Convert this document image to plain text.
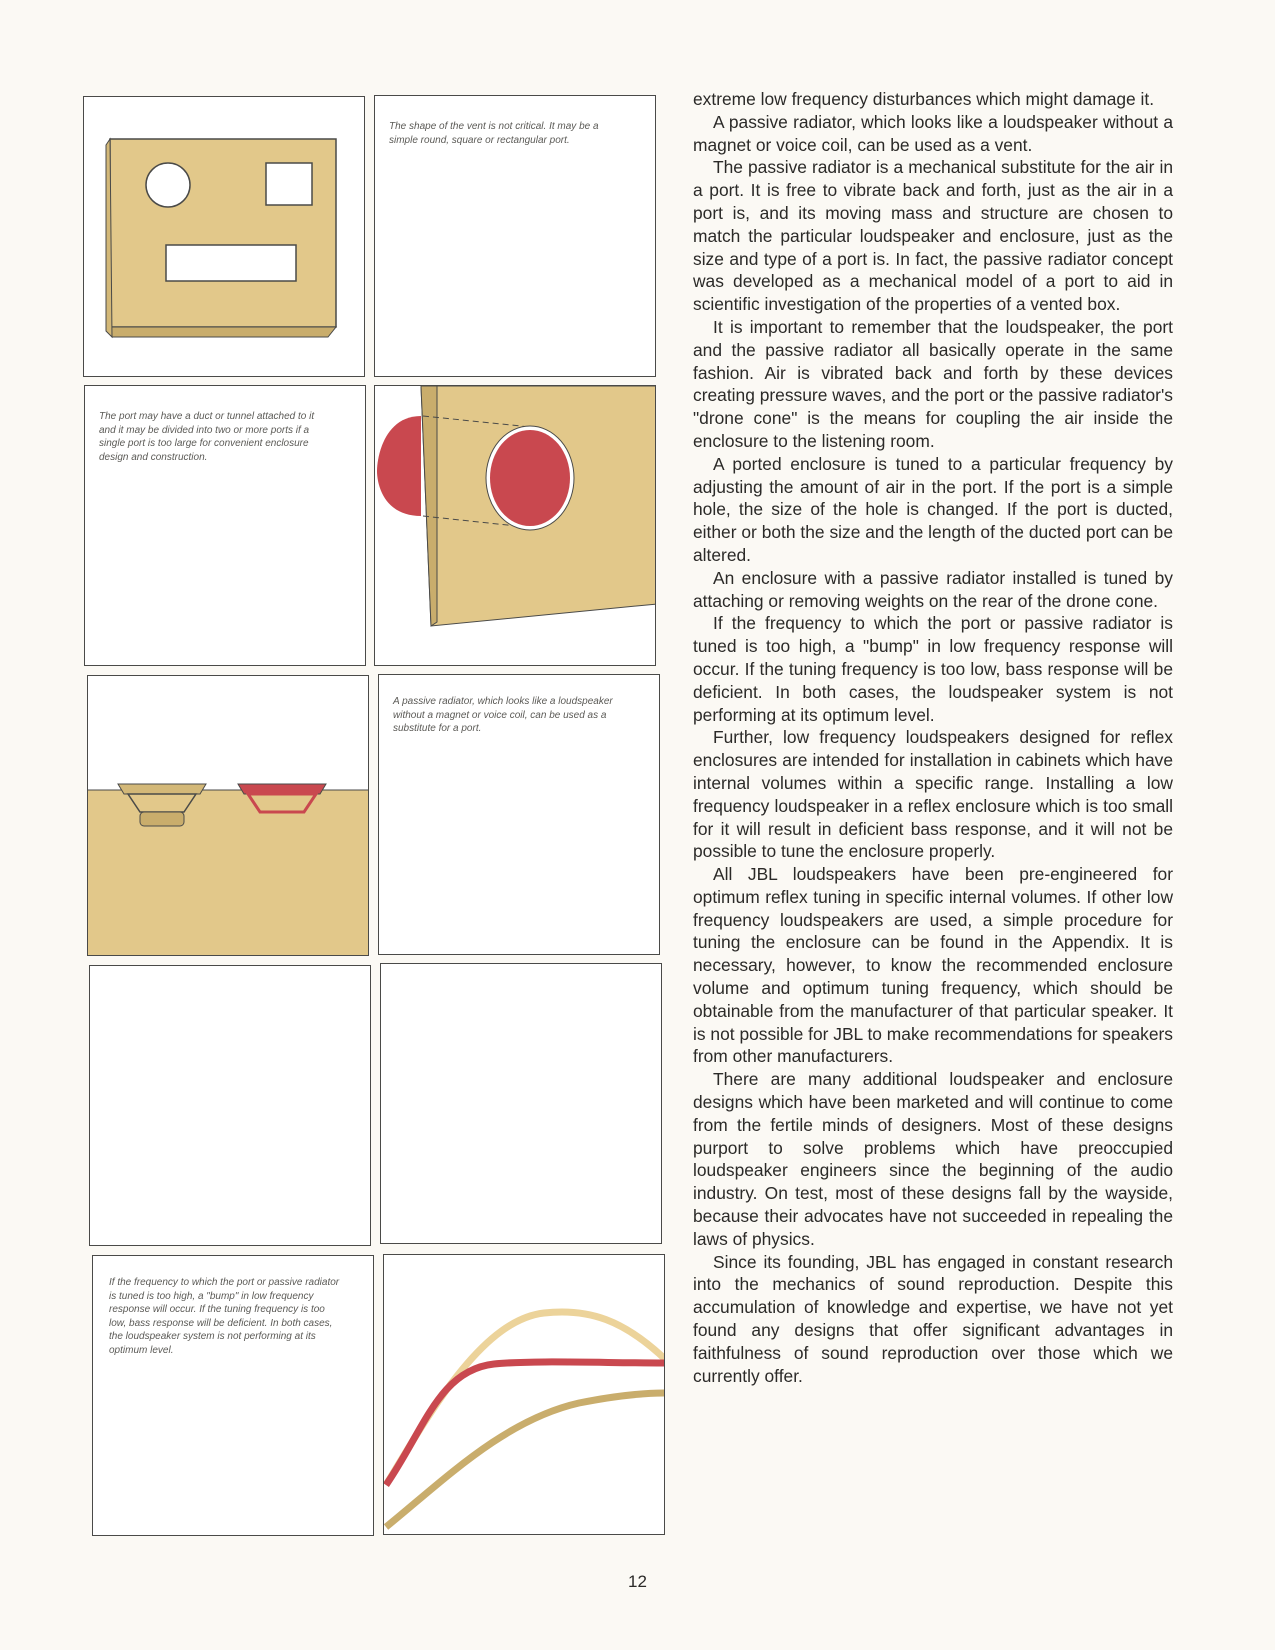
The shape of the vent is not critical. It may be a simple round, square or rectangular port.

The port may have a duct or tunnel attached to it and it may be divided into two or more ports if a single port is too large for convenient enclosure design and construction.

A passive radiator, which looks like a loudspeaker without a magnet or voice coil, can be used as a substitute for a port.

If the frequency to which the port or passive radiator is tuned is too high, a "bump" in low frequency response will occur. If the tuning frequency is too low, bass response will be deficient. In both cases, the loudspeaker system is not performing at its optimum level.

extreme low frequency disturbances which might damage it.

A passive radiator, which looks like a loudspeaker without a magnet or voice coil, can be used as a vent.

The passive radiator is a mechanical substitute for the air in a port. It is free to vibrate back and forth, just as the air in a port is, and its moving mass and structure are chosen to match the particular loudspeaker and enclosure, just as the size and type of a port is. In fact, the passive radiator concept was developed as a mechanical model of a port to aid in scientific investigation of the properties of a vented box.

It is important to remember that the loudspeaker, the port and the passive radiator all basically operate in the same fashion. Air is vibrated back and forth by these devices creating pressure waves, and the port or the passive radiator's "drone cone" is the means for coupling the air inside the enclosure to the listening room.

A ported enclosure is tuned to a particular frequency by adjusting the amount of air in the port. If the port is a simple hole, the size of the hole is changed. If the port is ducted, either or both the size and the length of the ducted port can be altered.

An enclosure with a passive radiator installed is tuned by attaching or removing weights on the rear of the drone cone.

If the frequency to which the port or passive radiator is tuned is too high, a "bump" in low frequency response will occur. If the tuning frequency is too low, bass response will be deficient. In both cases, the loudspeaker system is not performing at its optimum level.

Further, low frequency loudspeakers designed for reflex enclosures are intended for installation in cabinets which have internal volumes within a specific range. Installing a low frequency loudspeaker in a reflex enclosure which is too small for it will result in deficient bass response, and it will not be possible to tune the enclosure properly.

All JBL loudspeakers have been pre-engineered for optimum reflex tuning in specific internal volumes. If other low frequency loudspeakers are used, a simple procedure for tuning the enclosure can be found in the Appendix. It is necessary, however, to know the recommended enclosure volume and optimum tuning frequency, which should be obtainable from the manufacturer of that particular speaker. It is not possible for JBL to make recommendations for speakers from other manufacturers.

There are many additional loudspeaker and enclosure designs which have been marketed and will continue to come from the fertile minds of designers. Most of these designs purport to solve problems which have preoccupied loudspeaker engineers since the beginning of the audio industry. On test, most of these designs fall by the wayside, because their advocates have not succeeded in repealing the laws of physics.

Since its founding, JBL has engaged in constant research into the mechanics of sound reproduction. Despite this accumulation of knowledge and expertise, we have not yet found any designs that offer significant advantages in faithfulness of sound reproduction over those which we currently offer.

12
